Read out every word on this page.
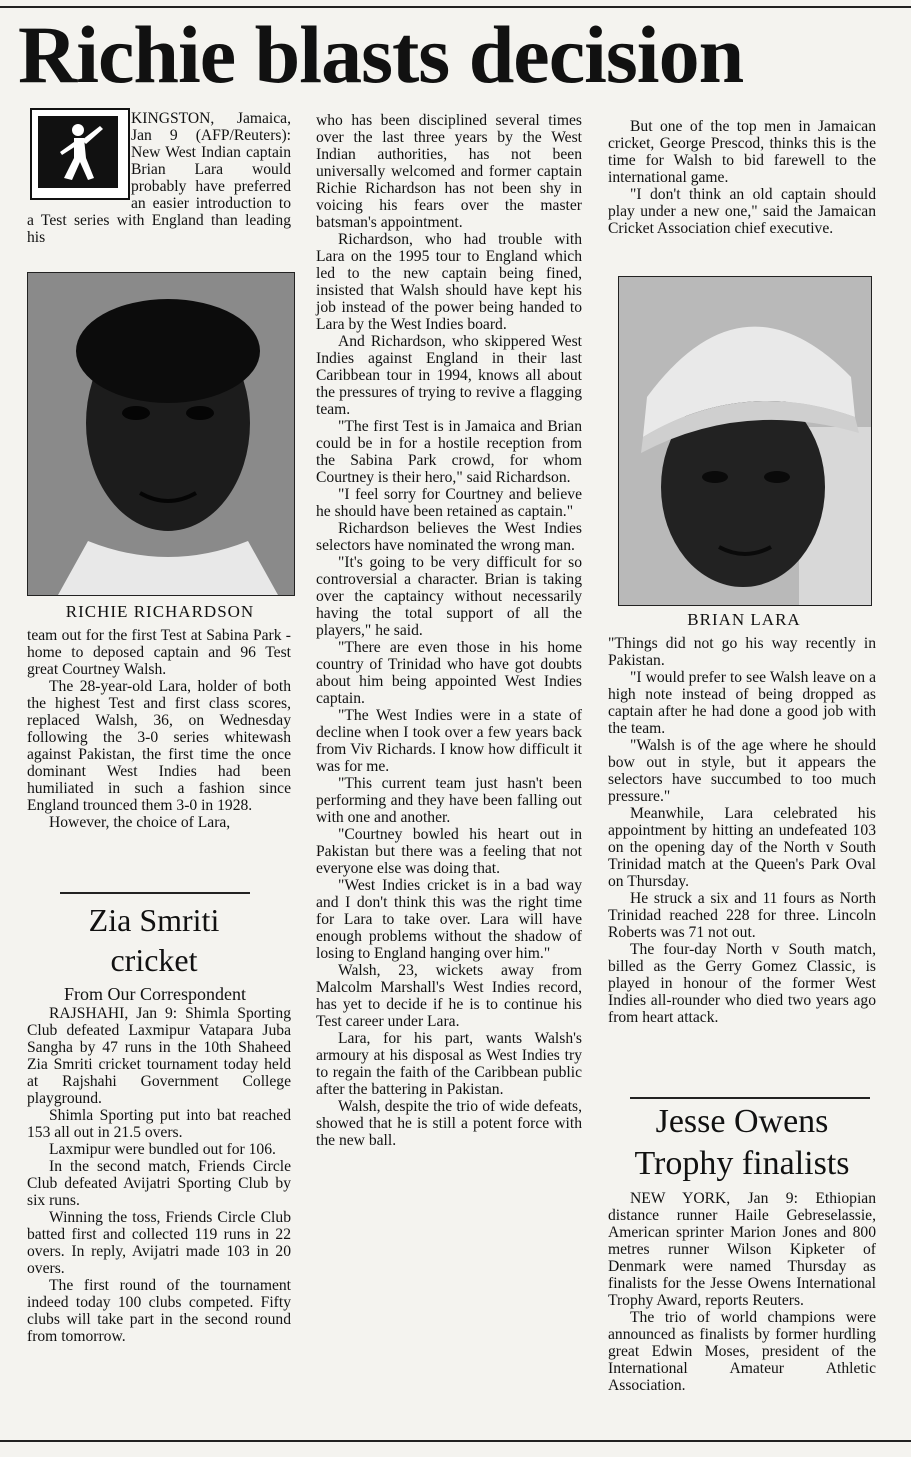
Richie blasts decision

KINGSTON, Jamaica, Jan 9 (AFP/Reuters): New West Indian captain Brian Lara would probably have preferred an easier introduction to a Test series with England than leading his

RICHIE RICHARDSON

team out for the first Test at Sabina Park - home to deposed captain and 96 Test great Courtney Walsh.

The 28-year-old Lara, holder of both the highest Test and first class scores, replaced Walsh, 36, on Wednesday following the 3-0 series whitewash against Pakistan, the first time the once dominant West Indies had been humiliated in such a fashion since England trounced them 3-0 in 1928.

However, the choice of Lara,

Zia Smriti
cricket
From Our Correspondent

RAJSHAHI, Jan 9: Shimla Sporting Club defeated Laxmipur Vatapara Juba Sangha by 47 runs in the 10th Shaheed Zia Smriti cricket tournament today held at Rajshahi Government College playground.

Shimla Sporting put into bat reached 153 all out in 21.5 overs.

Laxmipur were bundled out for 106.

In the second match, Friends Circle Club defeated Avijatri Sporting Club by six runs.

Winning the toss, Friends Circle Club batted first and collected 119 runs in 22 overs. In reply, Avijatri made 103 in 20 overs.

The first round of the tournament indeed today 100 clubs competed. Fifty clubs will take part in the second round from tomorrow.

who has been disciplined several times over the last three years by the West Indian authorities, has not been universally welcomed and former captain Richie Richardson has not been shy in voicing his fears over the master batsman's appointment.

Richardson, who had trouble with Lara on the 1995 tour to England which led to the new captain being fined, insisted that Walsh should have kept his job instead of the power being handed to Lara by the West Indies board.

And Richardson, who skippered West Indies against England in their last Caribbean tour in 1994, knows all about the pressures of trying to revive a flagging team.

"The first Test is in Jamaica and Brian could be in for a hostile reception from the Sabina Park crowd, for whom Courtney is their hero," said Richardson.

"I feel sorry for Courtney and believe he should have been retained as captain."

Richardson believes the West Indies selectors have nominated the wrong man.

"It's going to be very difficult for so controversial a character. Brian is taking over the captaincy without necessarily having the total support of all the players," he said.

"There are even those in his home country of Trinidad who have got doubts about him being appointed West Indies captain.

"The West Indies were in a state of decline when I took over a few years back from Viv Richards. I know how difficult it was for me.

"This current team just hasn't been performing and they have been falling out with one and another.

"Courtney bowled his heart out in Pakistan but there was a feeling that not everyone else was doing that.

"West Indies cricket is in a bad way and I don't think this was the right time for Lara to take over. Lara will have enough problems without the shadow of losing to England hanging over him."

Walsh, 23, wickets away from Malcolm Marshall's West Indies record, has yet to decide if he is to continue his Test career under Lara.

Lara, for his part, wants Walsh's armoury at his disposal as West Indies try to regain the faith of the Caribbean public after the battering in Pakistan.

Walsh, despite the trio of wide defeats, showed that he is still a potent force with the new ball.

But one of the top men in Jamaican cricket, George Prescod, thinks this is the time for Walsh to bid farewell to the international game.

"I don't think an old captain should play under a new one," said the Jamaican Cricket Association chief executive.

BRIAN LARA

"Things did not go his way recently in Pakistan.

"I would prefer to see Walsh leave on a high note instead of being dropped as captain after he had done a good job with the team.

"Walsh is of the age where he should bow out in style, but it appears the selectors have succumbed to too much pressure."

Meanwhile, Lara celebrated his appointment by hitting an undefeated 103 on the opening day of the North v South Trinidad match at the Queen's Park Oval on Thursday.

He struck a six and 11 fours as North Trinidad reached 228 for three. Lincoln Roberts was 71 not out.

The four-day North v South match, billed as the Gerry Gomez Classic, is played in honour of the former West Indies all-rounder who died two years ago from heart attack.

Jesse Owens
Trophy finalists

NEW YORK, Jan 9: Ethiopian distance runner Haile Gebreselassie, American sprinter Marion Jones and 800 metres runner Wilson Kipketer of Denmark were named Thursday as finalists for the Jesse Owens International Trophy Award, reports Reuters.

The trio of world champions were announced as finalists by former hurdling great Edwin Moses, president of the International Amateur Athletic Association.
